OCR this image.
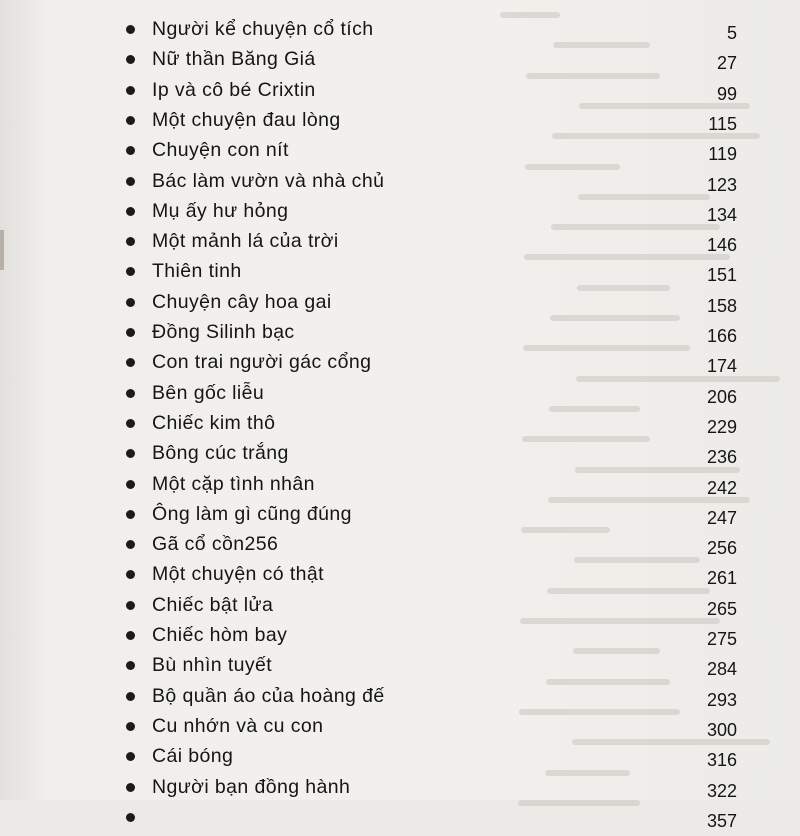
Người kể chuyện cổ tích	5
Nữ thần Băng Giá	27
Ip và cô bé Crixtin	99
Một chuyện đau lòng	115
Chuyện con nít	119
Bác làm vườn và nhà chủ	123
Mụ ấy hư hỏng	134
Một mảnh lá của trời	146
Thiên tinh	151
Chuyện cây hoa gai	158
Đồng Silinh bạc	166
Con trai người gác cổng	174
Bên gốc liễu	206
Chiếc kim thô	229
Bông cúc trắng	236
Một cặp tình nhân	242
Ông làm gì cũng đúng	247
Gã cổ cồn256	256
Một chuyện có thật	261
Chiếc bật lửa	265
Chiếc hòm bay	275
Bù nhìn tuyết	284
Bộ quần áo của hoàng đế	293
Cu nhớn và cu con	300
Cái bóng	316
Người bạn đồng hành	322
357
